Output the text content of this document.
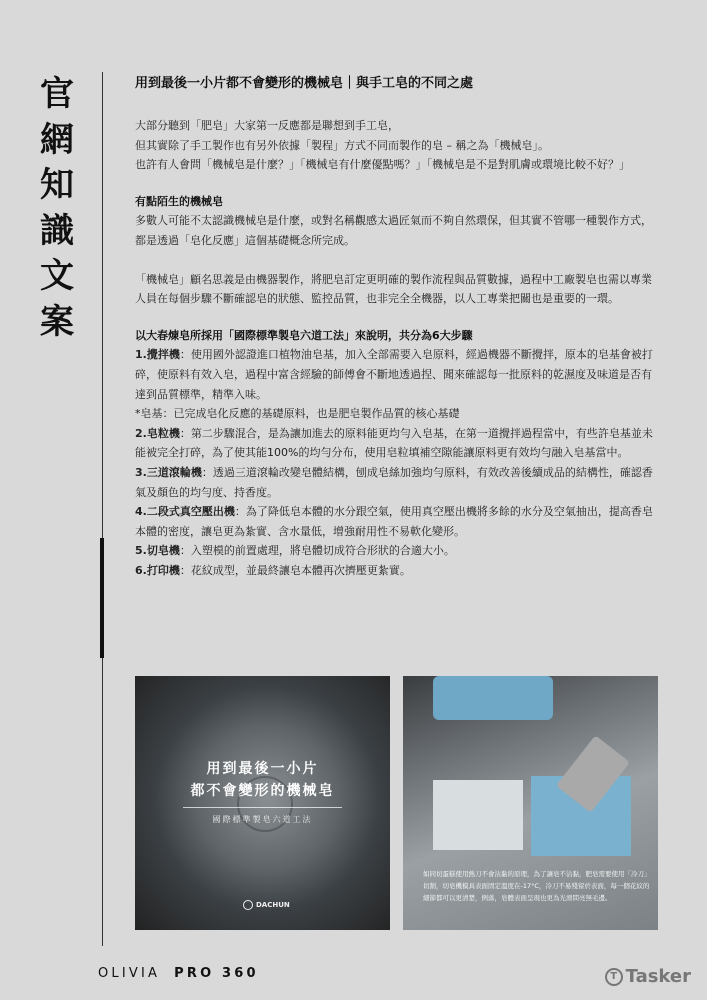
官
網
知
識
文
案
用到最後一小片都不會變形的機械皂｜與手工皂的不同之處

大部分聽到「肥皂」大家第一反應都是聯想到手工皂，

但其實除了手工製作也有另外依據「製程」方式不同而製作的皂 – 稱之為「機械皂」。

也許有人會問「機械皂是什麼？」「機械皂有什麼優點嗎？」「機械皂是不是對肌膚或環境比較不好？」

有點陌生的機械皂
多數人可能不太認識機械皂是什麼，或對名稱觀感太過匠氣而不夠自然環保，但其實不管哪一種製作方式，都是透過「皂化反應」這個基礎概念所完成。
「機械皂」顧名思義是由機器製作，將肥皂訂定更明確的製作流程與品質數據，過程中工廠製皂也需以專業人員在每個步驟不斷確認皂的狀態、監控品質，也非完全全機器，以人工專業把關也是重要的一環。
以大春煉皂所採用「國際標準製皂六道工法」來說明，共分為6大步驟

1.攪拌機：使用國外認證進口植物油皂基，加入全部需要入皂原料，經過機器不斷攪拌，原本的皂基會被打碎，使原料有效入皂，過程中富含經驗的師傅會不斷地透過捏、聞來確認每一批原料的乾濕度及味道是否有達到品質標準，精準入味。

*皂基：已完成皂化反應的基礎原料，也是肥皂製作品質的核心基礎

2.皂粒機：第二步驟混合，是為讓加進去的原料能更均勻入皂基，在第一道攪拌過程當中，有些許皂基並未能被完全打碎，為了使其能100%的均勻分布，使用皂粒填補空隙能讓原料更有效均勻融入皂基當中。

3.三道滾輪機：透過三道滾輪改變皂體結構，刨成皂絲加強均勻原料，有效改善後續成品的結構性，確認香氣及顏色的均勻度、持香度。

4.二段式真空壓出機：為了降低皂本體的水分跟空氣，使用真空壓出機將多餘的水分及空氣抽出，提高香皂本體的密度，讓皂更為紮實、含水量低，增強耐用性不易軟化變形。

5.切皂機：入塑模的前置處理，將皂體切成符合形狀的合適大小。

6.打印機：花紋成型，並最終讓皂本體再次擠壓更紮實。

用到最後一小片
都不會變形的機械皂
國際標準製皂六道工法
DACHUN
如同切蛋糕使用熱刀不會沾黏的原理，為了讓皂不沾黏，肥皂需要使用「冷刀」切割，切皂機模具表面固定溫度在-17°C，冷刀不易殘留於表面，每一個花紋的細節都可以更清楚，例落，皂體表面呈現也更為光滑問亮無毛邊。
OLIVIA PRO 360	T Tasker
